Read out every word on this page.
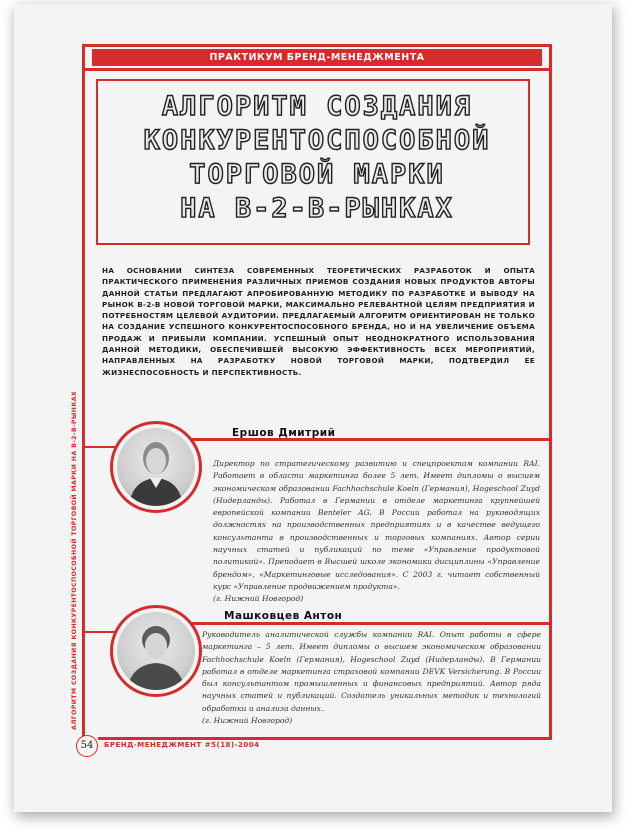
ПРАКТИКУМ БРЕНД-МЕНЕДЖМЕНТА
АЛГОРИТМ СОЗДАНИЯ
КОНКУРЕНТОСПОСОБНОЙ
ТОРГОВОЙ МАРКИ
НА В-2-В-РЫНКАХ
НА ОСНОВАНИИ СИНТЕЗА СОВРЕМЕННЫХ ТЕОРЕТИЧЕСКИХ РАЗРАБОТОК И ОПЫТА ПРАКТИЧЕСКОГО ПРИМЕНЕНИЯ РАЗЛИЧНЫХ ПРИЕМОВ СОЗДАНИЯ НОВЫХ ПРОДУКТОВ АВТОРЫ ДАННОЙ СТАТЬИ ПРЕДЛАГАЮТ АПРОБИРОВАННУЮ МЕТОДИКУ ПО РАЗРАБОТКЕ И ВЫВОДУ НА РЫНОК В-2-В НОВОЙ ТОРГОВОЙ МАРКИ, МАКСИМАЛЬНО РЕЛЕВАНТНОЙ ЦЕЛЯМ ПРЕДПРИЯТИЯ И ПОТРЕБНОСТЯМ ЦЕЛЕВОЙ АУДИТОРИИ. ПРЕДЛАГАЕМЫЙ АЛГОРИТМ ОРИЕНТИРОВАН НЕ ТОЛЬКО НА СОЗДАНИЕ УСПЕШНОГО КОНКУРЕНТОСПОСОБНОГО БРЕНДА, НО И НА УВЕЛИЧЕНИЕ ОБЪЕМА ПРОДАЖ И ПРИБЫЛИ КОМПАНИИ. УСПЕШНЫЙ ОПЫТ НЕОДНОКРАТНОГО ИСПОЛЬЗОВАНИЯ ДАННОЙ МЕТОДИКИ, ОБЕСПЕЧИВШЕЙ ВЫСОКУЮ ЭФФЕКТИВНОСТЬ ВСЕХ МЕРОПРИЯТИЙ, НАПРАВЛЕННЫХ НА РАЗРАБОТКУ НОВОЙ ТОРГОВОЙ МАРКИ, ПОДТВЕРДИЛ ЕЕ ЖИЗНЕСПОСОБНОСТЬ И ПЕРСПЕКТИВНОСТЬ.
Ершов Дмитрий
Директор по стратегическому развитию и спецпроектам компании RAI. Работает в области маркетинга более 5 лет. Имеет дипломы о высшем экономическом образовании Fachhochschule Koeln (Германия), Hogeschool Zuyd (Нидерланды). Работал в Германии в отделе маркетинга крупнейшей европейской компании Benteler AG. В России работал на руководящих должностях на производственных предприятиях и в качестве ведущего консультанта в производственных и торговых компаниях. Автор серии научных статей и публикаций по теме «Управление продуктовой политикой». Преподает в Высшей школе экономики дисциплины «Управление брендом», «Маркетинговые исследования». С 2003 г. читает собственный курс «Управление продвижением продукта».
(г. Нижний Новгород)
Машковцев Антон
Руководитель аналитической службы компании RAI. Опыт работы в сфере маркетинга – 5 лет. Имеет дипломы о высшем экономическом образовании Fachhochschule Koeln (Германия), Hogeschool Zuyd (Нидерланды). В Германии работал в отделе маркетинга страховой компании DEVK Versicherung. В России был консультантом промышленных и финансовых предприятий. Автор ряда научных статей и публикаций. Создатель уникальных методик и технологий обработки и анализа данных.
(г. Нижний Новгород)
АЛГОРИТМ СОЗДАНИЯ КОНКУРЕНТОСПОСОБНОЙ ТОРГОВОЙ МАРКИ НА В-2-В-РЫНКАХ
54	БРЕНД-МЕНЕДЖМЕНТ #5(18)-2004
